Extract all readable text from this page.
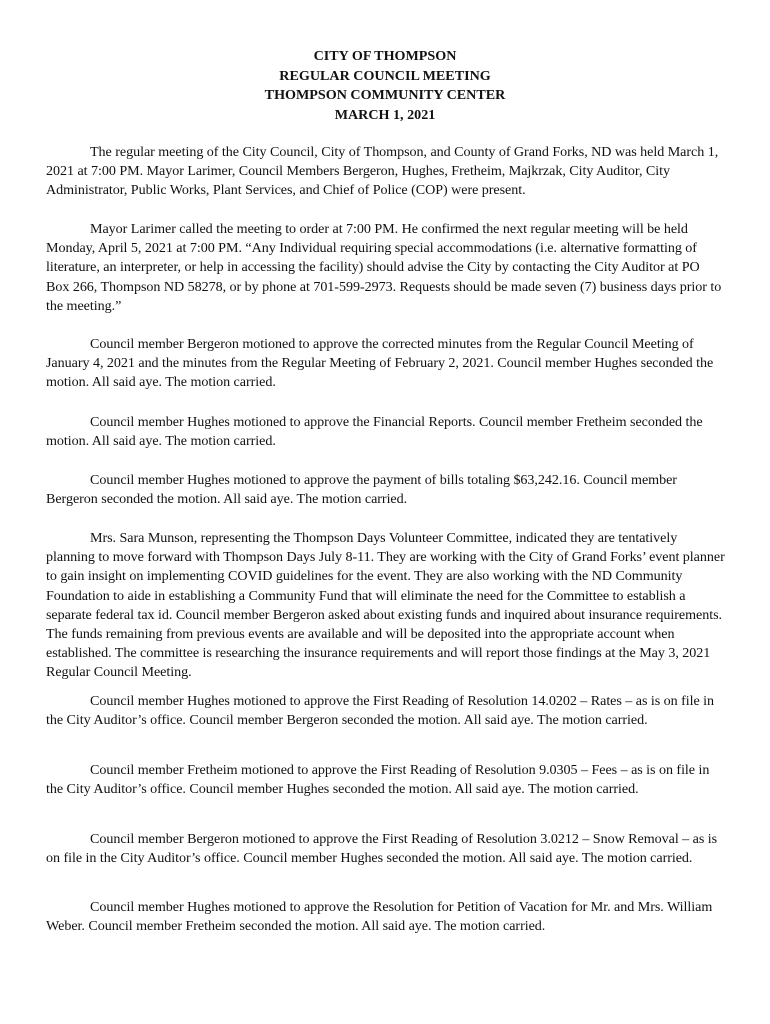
CITY OF THOMPSON
REGULAR COUNCIL MEETING
THOMPSON COMMUNITY CENTER
MARCH 1, 2021

The regular meeting of the City Council, City of Thompson, and County of Grand Forks, ND was held March 1, 2021 at 7:00 PM. Mayor Larimer, Council Members Bergeron, Hughes, Fretheim, Majkrzak, City Auditor, City Administrator, Public Works, Plant Services, and Chief of Police (COP) were present.

Mayor Larimer called the meeting to order at 7:00 PM. He confirmed the next regular meeting will be held Monday, April 5, 2021 at 7:00 PM. “Any Individual requiring special accommodations (i.e. alternative formatting of literature, an interpreter, or help in accessing the facility) should advise the City by contacting the City Auditor at PO Box 266, Thompson ND 58278, or by phone at 701-599-2973. Requests should be made seven (7) business days prior to the meeting.”

Council member Bergeron motioned to approve the corrected minutes from the Regular Council Meeting of January 4, 2021 and the minutes from the Regular Meeting of February 2, 2021. Council member Hughes seconded the motion. All said aye. The motion carried.

Council member Hughes motioned to approve the Financial Reports. Council member Fretheim seconded the motion. All said aye. The motion carried.

Council member Hughes motioned to approve the payment of bills totaling $63,242.16. Council member Bergeron seconded the motion. All said aye. The motion carried.

Mrs. Sara Munson, representing the Thompson Days Volunteer Committee, indicated they are tentatively planning to move forward with Thompson Days July 8-11. They are working with the City of Grand Forks’ event planner to gain insight on implementing COVID guidelines for the event. They are also working with the ND Community Foundation to aide in establishing a Community Fund that will eliminate the need for the Committee to establish a separate federal tax id. Council member Bergeron asked about existing funds and inquired about insurance requirements. The funds remaining from previous events are available and will be deposited into the appropriate account when established. The committee is researching the insurance requirements and will report those findings at the May 3, 2021 Regular Council Meeting.

Council member Hughes motioned to approve the First Reading of Resolution 14.0202 – Rates – as is on file in the City Auditor’s office. Council member Bergeron seconded the motion. All said aye. The motion carried.

Council member Fretheim motioned to approve the First Reading of Resolution 9.0305 – Fees – as is on file in the City Auditor’s office. Council member Hughes seconded the motion. All said aye. The motion carried.

Council member Bergeron motioned to approve the First Reading of Resolution 3.0212 – Snow Removal – as is on file in the City Auditor’s office. Council member Hughes seconded the motion. All said aye. The motion carried.

Council member Hughes motioned to approve the Resolution for Petition of Vacation for Mr. and Mrs. William Weber. Council member Fretheim seconded the motion. All said aye. The motion carried.
